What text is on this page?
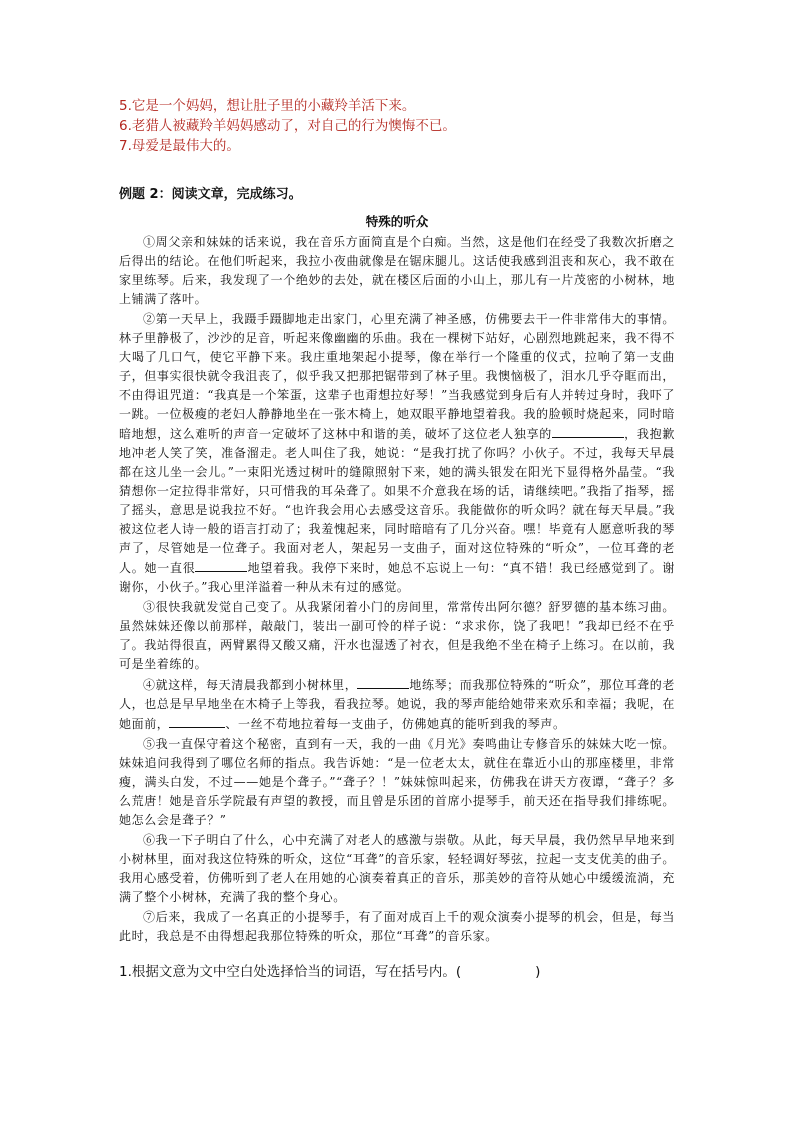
5.它是一个妈妈，想让肚子里的小藏羚羊活下来。

6.老猎人被藏羚羊妈妈感动了，对自己的行为懊悔不已。

7.母爱是最伟大的。

例题 2：阅读文章，完成练习。

特殊的听众

①周父亲和妹妹的话来说，我在音乐方面简直是个白痴。当然，这是他们在经受了我数次折磨之后得出的结论。在他们听起来，我拉小夜曲就像是在锯床腿儿。这话使我感到沮丧和灰心，我不敢在家里练琴。后来，我发现了一个绝妙的去处，就在楼区后面的小山上，那儿有一片茂密的小树林，地上铺满了落叶。

②第一天早上，我蹑手蹑脚地走出家门，心里充满了神圣感，仿佛要去干一件非常伟大的事情。林子里静极了，沙沙的足音，听起来像幽幽的乐曲。我在一棵树下站好，心剧烈地跳起来，我不得不大喝了几口气，使它平静下来。我庄重地架起小提琴，像在举行一个隆重的仪式，拉响了第一支曲子，但事实很快就令我沮丧了，似乎我又把那把锯带到了林子里。我懊恼极了，泪水几乎夺眶而出，不由得诅咒道：“我真是一个笨蛋，这辈子也甭想拉好琴！”当我感觉到身后有人并转过身时，我吓了一跳。一位极瘦的老妇人静静地坐在一张木椅上，她双眼平静地望着我。我的脸顿时烧起来，同时暗暗地想，这么难听的声音一定破坏了这林中和谐的美，破坏了这位老人独享的	，我抱歉地冲老人笑了笑，准备溜走。老人叫住了我，她说：“是我打扰了你吗？小伙子。不过，我每天早晨都在这儿坐一会儿。”一束阳光透过树叶的缝隙照射下来，她的满头银发在阳光下显得格外晶莹。“我猜想你一定拉得非常好，只可惜我的耳朵聋了。如果不介意我在场的话，请继续吧。”我指了指琴，摇了摇头，意思是说我拉不好。“也许我会用心去感受这音乐。我能做你的听众吗？就在每天早晨。”我被这位老人诗一般的语言打动了；我羞愧起来，同时暗暗有了几分兴奋。嘿！毕竟有人愿意听我的琴声了，尽管她是一位聋子。我面对老人，架起另一支曲子，面对这位特殊的“听众”，一位耳聋的老人。她一直很	地望着我。我停下来时，她总不忘说上一句：“真不错！我已经感觉到了。谢谢你，小伙子。”我心里洋溢着一种从未有过的感觉。

③很快我就发觉自己变了。从我紧闭着小门的房间里，常常传出阿尔德？舒罗德的基本练习曲。虽然妹妹还像以前那样，敲敲门，装出一副可怜的样子说：“求求你，饶了我吧！”我却已经不在乎了。我站得很直，两臂累得又酸又痛，汗水也湿透了衬衣，但是我绝不坐在椅子上练习。在以前，我可是坐着练的。

④就这样，每天清晨我都到小树林里，	地练琴；而我那位特殊的“听众”，那位耳聋的老人，也总是早早地坐在木椅子上等我，看我拉琴。她说，我的琴声能给她带来欢乐和幸福；我呢，在她面前，	、一丝不苟地拉着每一支曲子，仿佛她真的能听到我的琴声。

⑤我一直保守着这个秘密，直到有一天，我的一曲《月光》奏鸣曲让专修音乐的妹妹大吃一惊。妹妹追问我得到了哪位名师的指点。我告诉她：“是一位老太太，就住在靠近小山的那座楼里，非常瘦，满头白发，不过——她是个聋子。”“聋子？！”妹妹惊叫起来，仿佛我在讲天方夜谭，“聋子？多么荒唐！她是音乐学院最有声望的教授，而且曾是乐团的首席小提琴手，前天还在指导我们排练呢。她怎么会是聋子？”

⑥我一下子明白了什么，心中充满了对老人的感激与崇敬。从此，每天早晨，我仍然早早地来到小树林里，面对我这位特殊的听众，这位“耳聋”的音乐家，轻轻调好琴弦，拉起一支支优美的曲子。我用心感受着，仿佛听到了老人在用她的心演奏着真正的音乐，那美妙的音符从她心中缓缓流淌，充满了整个小树林，充满了我的整个身心。

⑦后来，我成了一名真正的小提琴手，有了面对成百上千的观众演奏小提琴的机会，但是，每当此时，我总是不由得想起我那位特殊的听众，那位“耳聋”的音乐家。

1.根据文意为文中空白处选择恰当的词语，写在括号内。(	)
